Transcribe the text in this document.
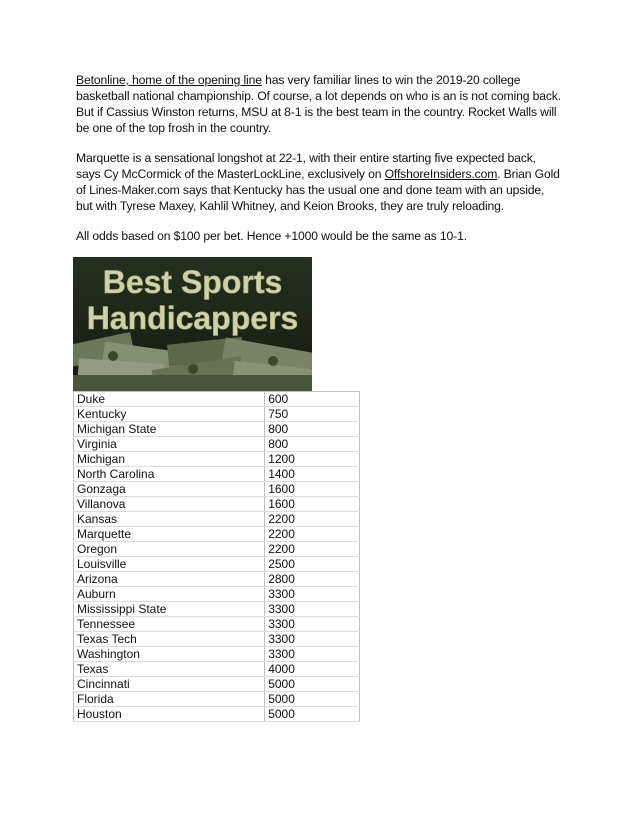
Betonline, home of the opening line has very familiar lines to win the 2019-20 college basketball national championship. Of course, a lot depends on who is an is not coming back. But if Cassius Winston returns, MSU at 8-1 is the best team in the country. Rocket Walls will be one of the top frosh in the country.

Marquette is a sensational longshot at 22-1, with their entire starting five expected back, says Cy McCormick of the MasterLockLine, exclusively on OffshoreInsiders.com. Brian Gold of Lines-Maker.com says that Kentucky has the usual one and done team with an upside, but with Tyrese Maxey, Kahlil Whitney, and Keion Brooks, they are truly reloading.

All odds based on $100 per bet. Hence +1000 would be the same as 10-1.

Best Sports
Handicappers
Duke	600
Kentucky	750
Michigan State	800
Virginia	800
Michigan	1200
North Carolina	1400
Gonzaga	1600
Villanova	1600
Kansas	2200
Marquette	2200
Oregon	2200
Louisville	2500
Arizona	2800
Auburn	3300
Mississippi State	3300
Tennessee	3300
Texas Tech	3300
Washington	3300
Texas	4000
Cincinnati	5000
Florida	5000
Houston	5000
